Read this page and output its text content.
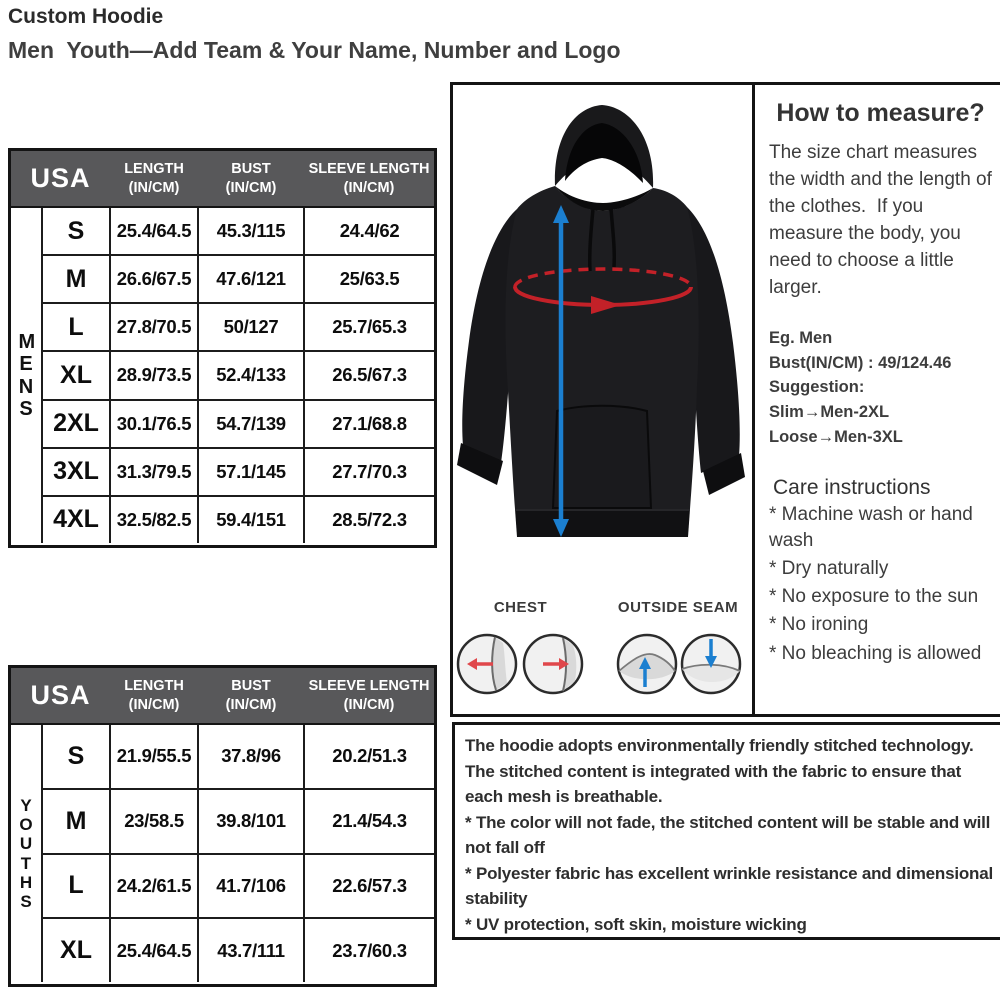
Custom Hoodie
Men  Youth—Add Team & Your Name, Number and Logo
USA	LENGTH
(IN/CM)
BUST
(IN/CM)
SLEEVE LENGTH
(IN/CM)
MENS
S	25.4/64.5	45.3/115	24.4/62
M	26.6/67.5	47.6/121	25/63.5
L	27.8/70.5	50/127	25.7/65.3
XL	28.9/73.5	52.4/133	26.5/67.3
2XL 30.1/76.5	54.7/139	27.1/68.8
3XL 31.3/79.5	57.1/145	27.7/70.3
4XL 32.5/82.5	59.4/151	28.5/72.3
USA	LENGTH
(IN/CM)
BUST
(IN/CM)
SLEEVE LENGTH
(IN/CM)
YOUTHS
S	21.9/55.5	37.8/96	20.2/51.3
M	23/58.5	39.8/101	21.4/54.3
L	24.2/61.5	41.7/106	22.6/57.3
XL	25.4/64.5	43.7/111	23.7/60.3
CHEST	OUTSIDE SEAM
How to measure?
The size chart measures the width and the length of the clothes.  If you measure the body, you need to choose a little larger.
Eg. Men
Bust(IN/CM) : 49/124.46
Suggestion:
Slim→Men-2XL
Loose→Men-3XL
Care instructions
* Machine wash or hand wash
* Dry naturally
* No exposure to the sun
* No ironing
* No bleaching is allowed
The hoodie adopts environmentally friendly stitched technology. The stitched content is integrated with the fabric to ensure that each mesh is breathable.
* The color will not fade, the stitched content will be stable and will not fall off
* Polyester fabric has excellent wrinkle resistance and dimensional stability
* UV protection, soft skin, moisture wicking
